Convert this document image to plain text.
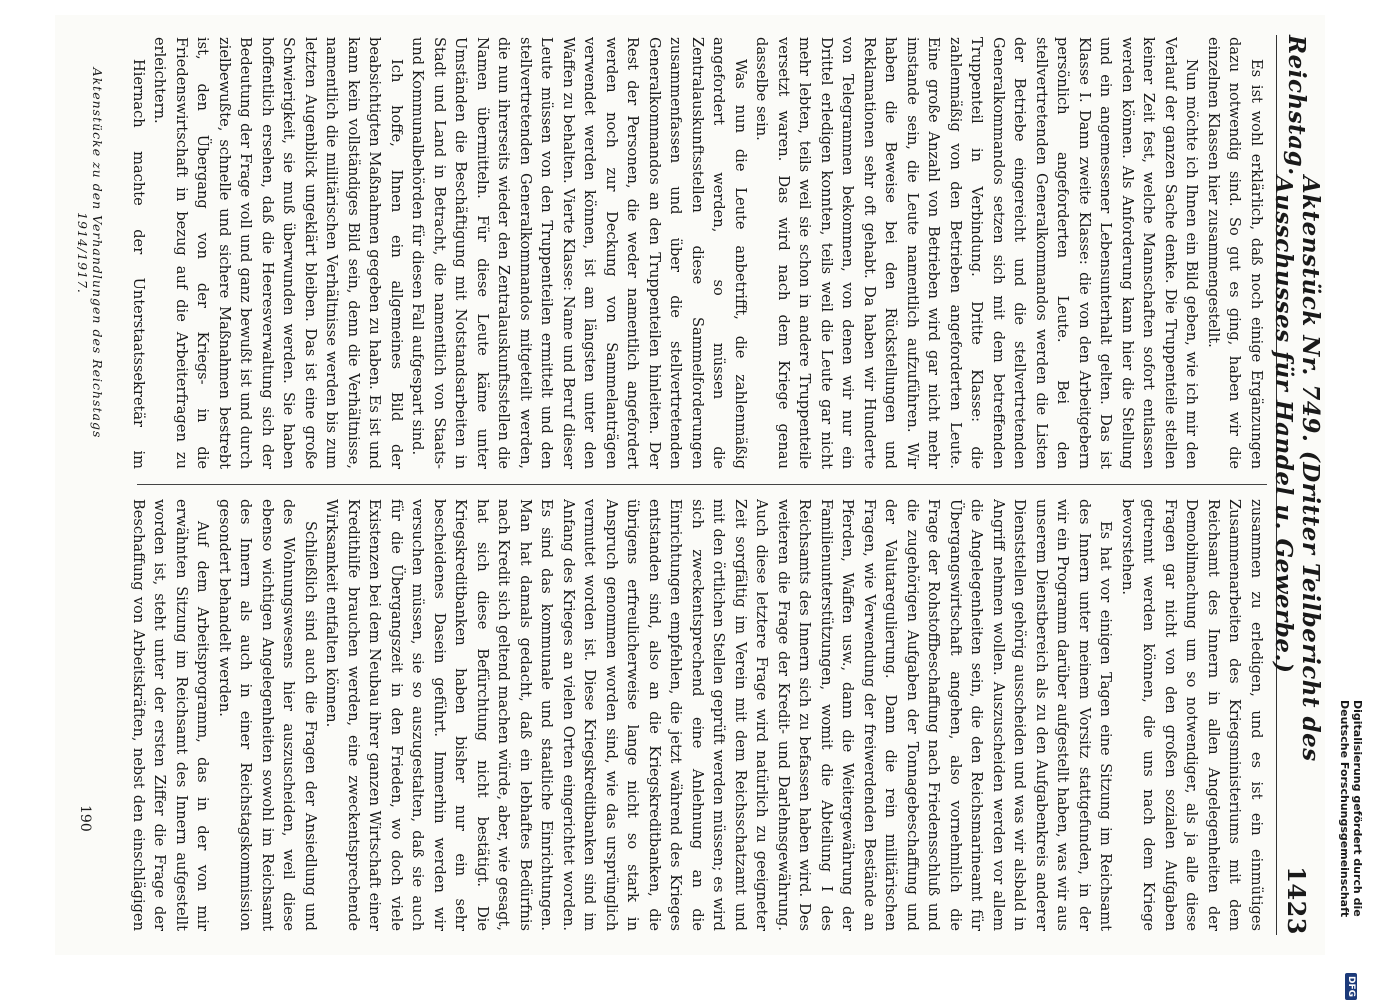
Reichstag.
Aktenstück Nr. 749. (Dritter Teilbericht des Ausschusses für Handel u. Gewerbe.)
1423

Es ist wohl erklärlich, daß noch einige Ergänzungen dazu notwendig sind. So gut es ging, haben wir die einzelnen Klassen hier zusammengestellt.

Nun möchte ich Ihnen ein Bild geben, wie ich mir den Verlauf der ganzen Sache denke. Die Truppenteile stellen keiner Zeit fest, welche Mannschaften sofort entlassen werden können. Als Anforderung kann hier die Stellung und ein angemessener Lebensunterhalt gelten. Das ist Klasse I. Dann zweite Klasse: die von den Arbeitgebern persönlich angeforderten Leute. Bei den stellvertretenden Generalkommandos werden die Listen der Betriebe eingereicht und die stellvertretenden Generalkommandos setzen sich mit dem betreffenden Truppenteil in Verbindung. Dritte Klasse: die zahlenmäßig von den Betrieben angeforderten Leute. Eine große Anzahl von Betrieben wird gar nicht mehr imstande sein, die Leute namentlich aufzuführen. Wir haben die Beweise bei den Rückstellungen und Reklamationen sehr oft gehabt. Da haben wir Hunderte von Telegrammen bekommen, von denen wir nur ein Drittel erledigen konnten, teils weil die Leute gar nicht mehr lebten, teils weil sie schon in andere Truppenteile versetzt waren. Das wird nach dem Kriege genau dasselbe sein.

Was nun die Leute anbetrifft, die zahlenmäßig angefordert werden, so müssen die Zentralauskunftsstellen diese Sammelforderungen zusammenfassen und über die stellvertretenden Generalkommandos an den Truppenteilen hinleiten. Der Rest der Personen, die weder namentlich angefordert werden noch zur Deckung von Sammelanträgen verwendet werden können, ist am längsten unter den Waffen zu behalten. Vierte Klasse: Name und Beruf dieser Leute müssen von den Truppenteilen ermittelt und den stellvertretenden Generalkommandos mitgeteilt werden, die nun ihrerseits wieder den Zentralauskunftsstellen die Namen übermitteln. Für diese Leute käme unter Umständen die Beschäftigung mit Notstandsarbeiten in Stadt und Land in Betracht, die namentlich von Staats- und Kommunalbehörden für diesen Fall aufgespart sind.

Ich hoffe, Ihnen ein allgemeines Bild der beabsichtigten Maßnahmen gegeben zu haben. Es ist und kann kein vollständiges Bild sein, denn die Verhältnisse, namentlich die militärischen Verhältnisse werden bis zum letzten Augenblick ungeklärt bleiben. Das ist eine große Schwierigkeit, sie muß überwunden werden. Sie haben hoffentlich ersehen, daß die Heeresverwaltung sich der Bedeutung der Frage voll und ganz bewußt ist und durch zielbewußte, schnelle und sichere Maßnahmen bestrebt ist, den Übergang von der Kriegs- in die Friedenswirtschaft in bezug auf die Arbeiterfragen zu erleichtern.

Hiernach machte der Unterstaatssekretär im

zusammen zu erledigen, und es ist ein einmütiges Zusammenarbeiten des Kriegsministeriums mit dem Reichsamt des Innern in allen Angelegenheiten der Demobilmachung um so notwendiger, als ja alle diese Fragen gar nicht von den großen sozialen Aufgaben getrennt werden können, die uns nach dem Kriege bevorstehen.

Es hat vor einigen Tagen eine Sitzung im Reichsamt des Innern unter meinem Vorsitz stattgefunden, in der wir ein Programm darüber aufgestellt haben, was wir aus unserem Dienstbereich als zu den Aufgabenkreis anderer Dienststellen gehörig ausscheiden und was wir alsbald in Angriff nehmen wollen. Auszuscheiden werden vor allem die Angelegenheiten sein, die den Reichsmarineamt für Übergangswirtschaft angehen, also vornehmlich die Frage der Rohstoffbeschaffung nach Friedensschluß und die zugehörigen Aufgaben der Tonnagebeschaffung und der Valutaregulierung. Dann die rein militärischen Fragen, wie Verwendung der freiwerdenden Bestände an Pferden, Waffen usw., dann die Weitergewährung der Familienunterstützungen, womit die Abteilung I des Reichsamts des Innern sich zu befassen haben wird. Des weiteren die Frage der Kredit- und Darlehnsgewährung. Auch diese letztere Frage wird natürlich zu geeigneter Zeit sorgfältig im Verein mit dem Reichsschatzamt und mit den örtlichen Stellen geprüft werden müssen; es wird sich zweckentsprechend eine Anlehnung an die Einrichtungen empfehlen, die jetzt während des Krieges entstanden sind, also an die Kriegskreditbanken, die übrigens erfreulicherweise lange nicht so stark in Anspruch genommen worden sind, wie das ursprünglich vermutet worden ist. Diese Kriegskreditbanken sind im Anfang des Krieges an vielen Orten eingerichtet worden. Es sind das kommunale und staatliche Einrichtungen. Man hat damals gedacht, daß ein lebhaftes Bedürfnis nach Kredit sich geltend machen würde, aber, wie gesagt, hat sich diese Befürchtung nicht bestätigt. Die Kriegskreditbanken haben bisher nur ein sehr bescheidenes Dasein geführt. Immerhin werden wir versuchen müssen, sie so auszugestalten, daß sie auch für die Übergangszeit in den Frieden, wo doch viele Existenzen bei dem Neubau ihrer ganzen Wirtschaft einer Kredithilfe brauchen werden, eine zweckentsprechende Wirksamkeit entfalten können.

Schließlich sind auch die Fragen der Ansiedlung und des Wohnungswesens hier auszuscheiden, weil diese ebenso wichtigen Angelegenheiten sowohl im Reichsamt des Innern als auch in einer Reichstagskommission gesondert behandelt werden.

Auf dem Arbeitsprogramm, das in der von mir erwähnten Sitzung im Reichsamt des Innern aufgestellt worden ist, steht unter der ersten Ziffer die Frage der Beschaffung von Arbeitskräften, nebst den einschlägigen

Aktenstücke zu den Verhandlungen des Reichstags 1914/1917.
190	Digitalisierung gefördert durch die Deutsche Forschungsgemeinschaft
DFG
